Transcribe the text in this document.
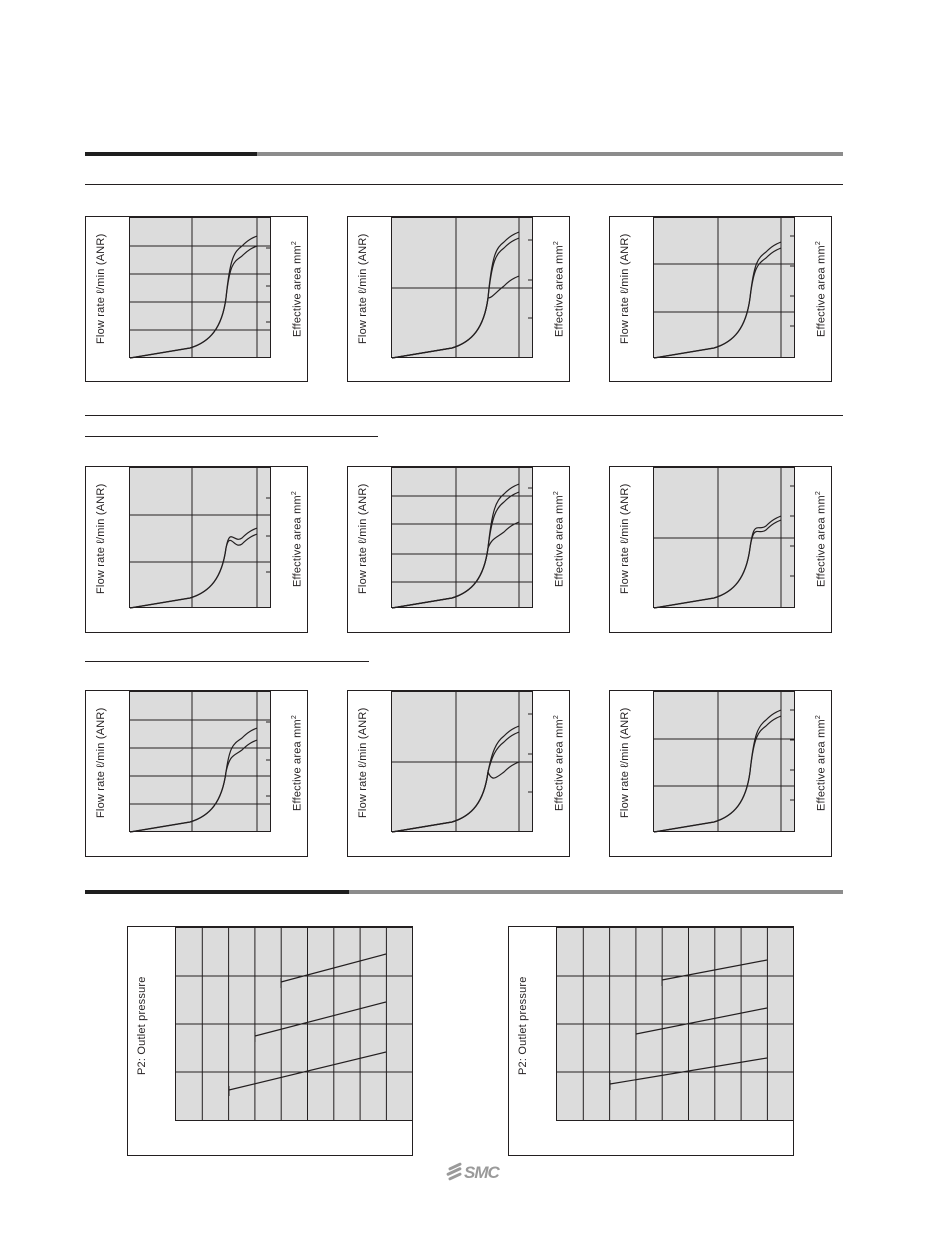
Flow rate ℓ/min (ANR)	Effective area $mm^2$	Flow rate ℓ/min (ANR)	Effective area $mm^2$	Flow rate ℓ/min (ANR)	Effective area $mm^2$
Flow rate ℓ/min (ANR)	Effective area $mm^2$	Flow rate ℓ/min (ANR)	Effective area $mm^2$	Flow rate ℓ/min (ANR)	Effective area $mm^2$
Flow rate ℓ/min (ANR)	Effective area $mm^2$	Flow rate ℓ/min (ANR)	Effective area $mm^2$	Flow rate ℓ/min (ANR)	Effective area $mm^2$
P2: Outlet pressure	P2: Outlet pressure
SMC
